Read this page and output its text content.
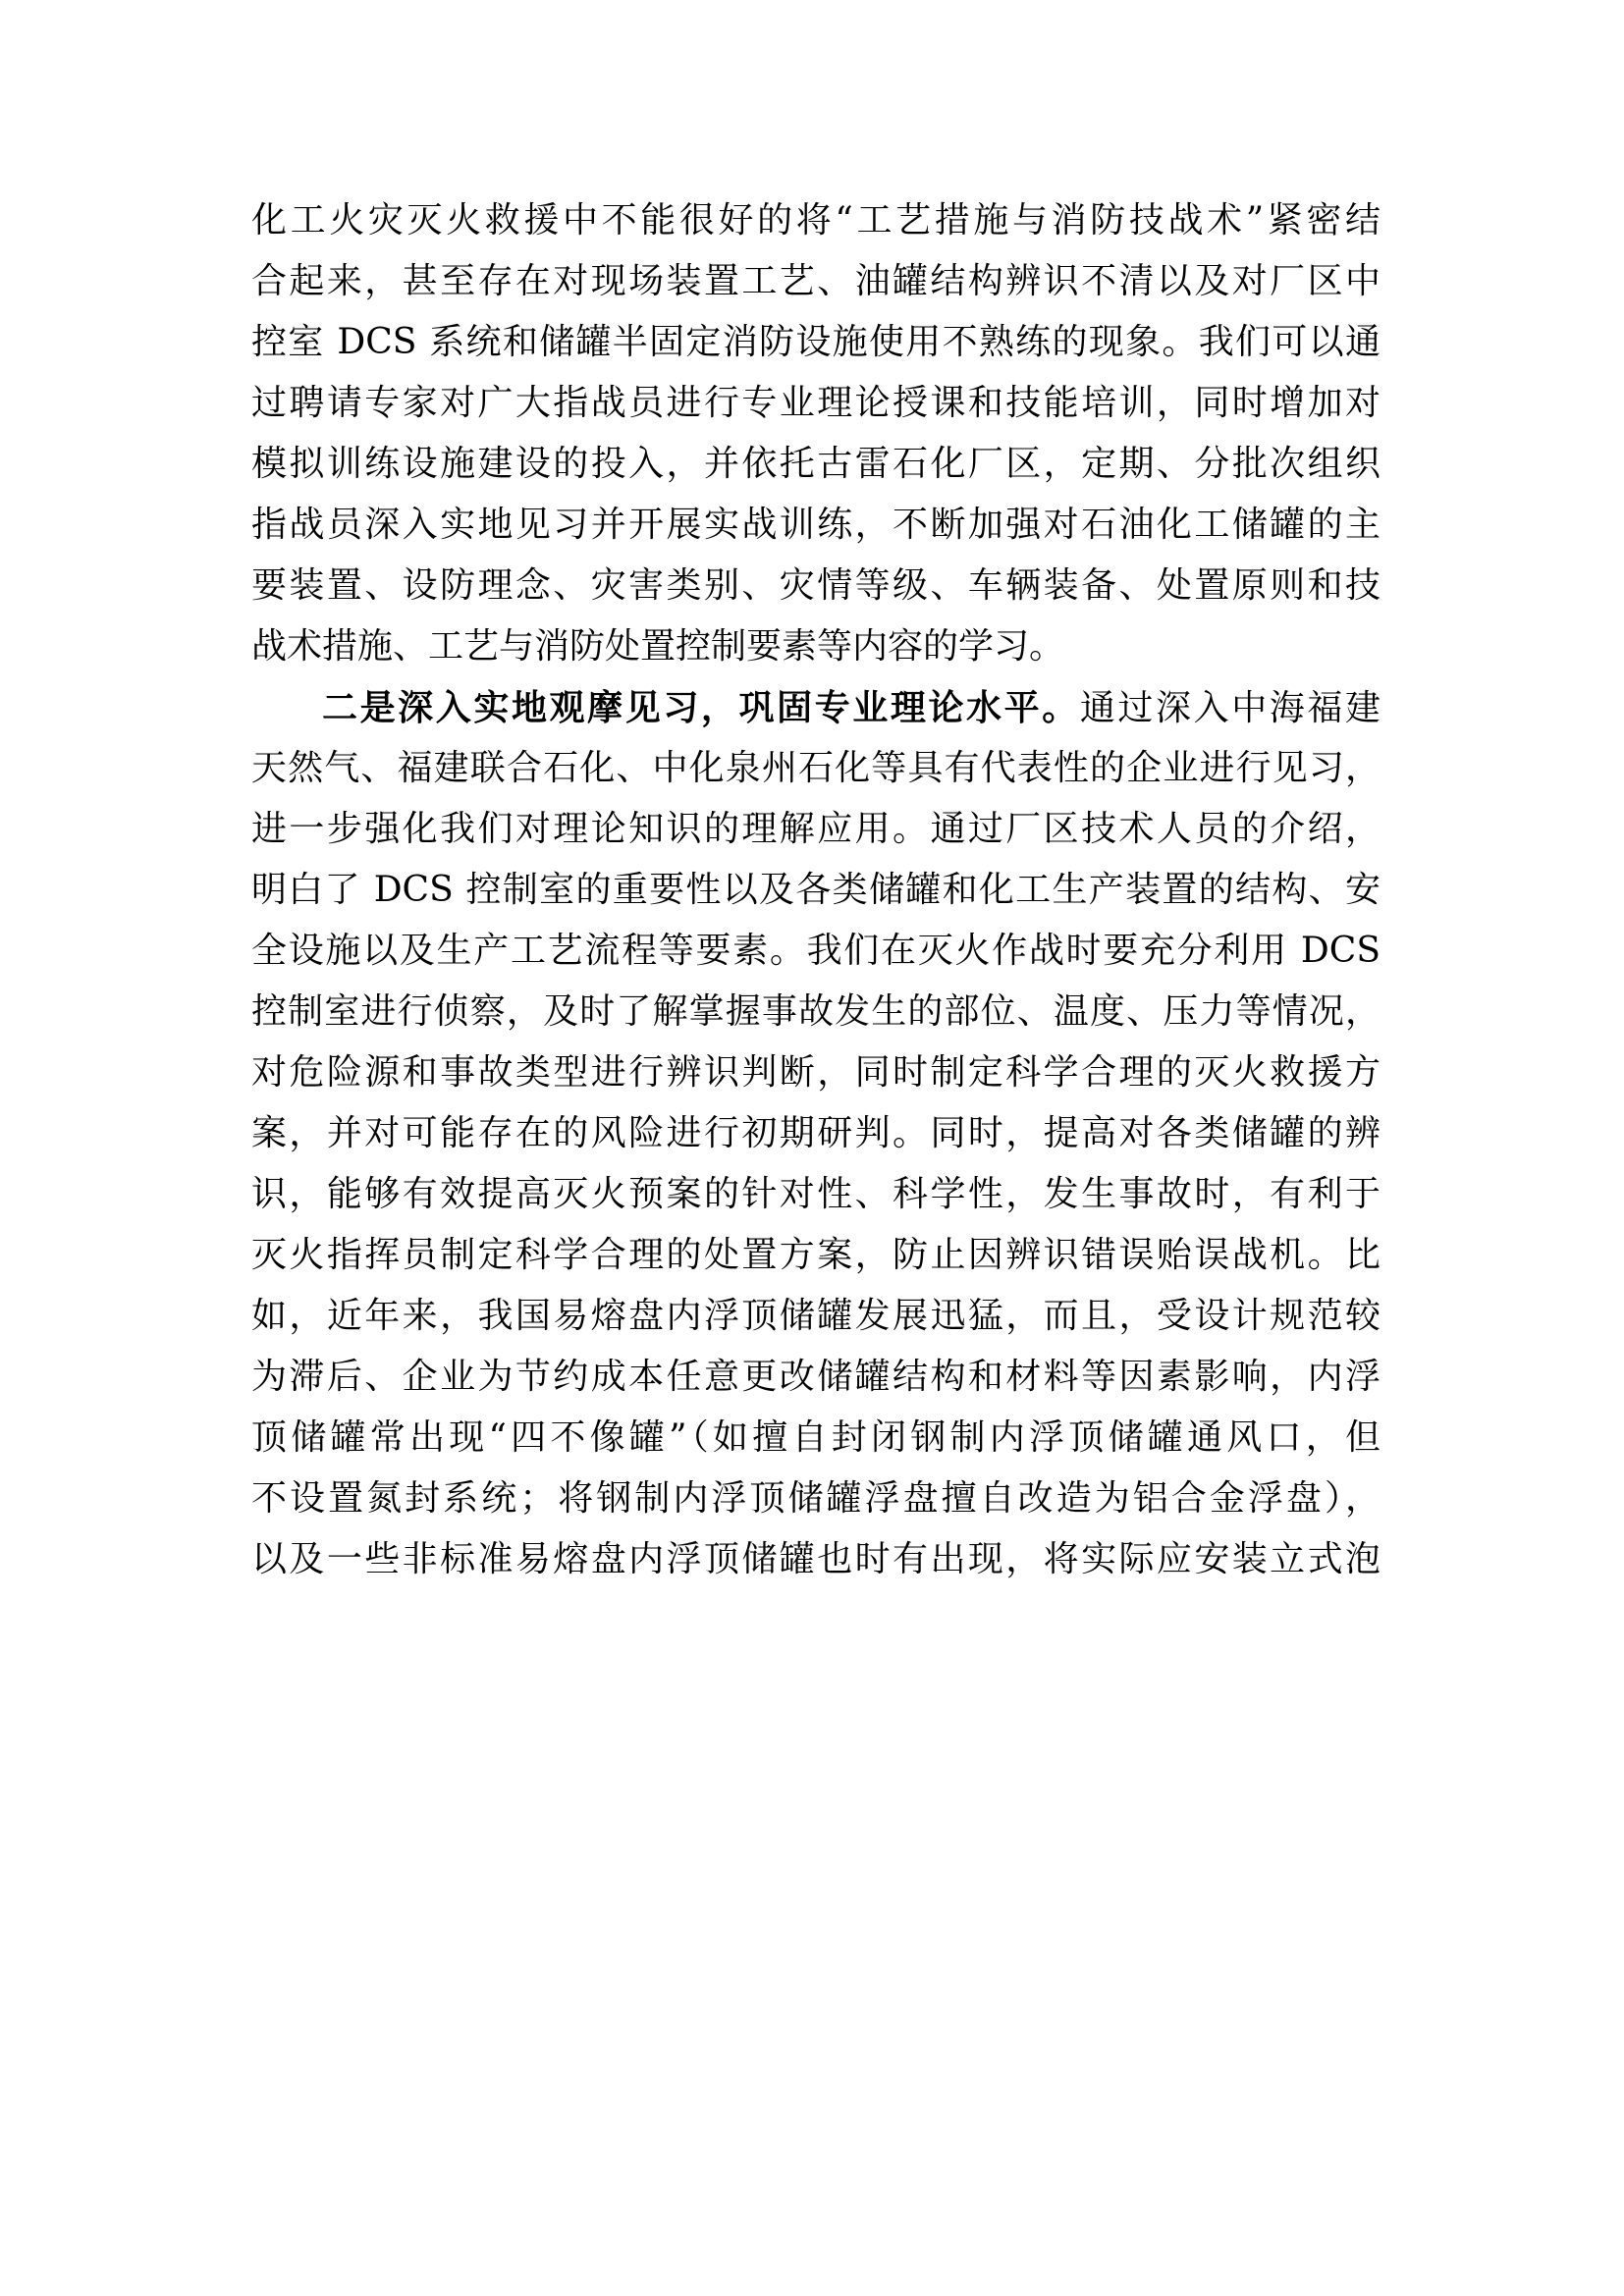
化工火灾灭火救援中不能很好的将“工艺措施与消防技战术”紧密结
合起来，甚至存在对现场装置工艺、油罐结构辨识不清以及对厂区中
控室 DCS 系统和储罐半固定消防设施使用不熟练的现象。我们可以通
过聘请专家对广大指战员进行专业理论授课和技能培训，同时增加对
模拟训练设施建设的投入，并依托古雷石化厂区，定期、分批次组织
指战员深入实地见习并开展实战训练，不断加强对石油化工储罐的主
要装置、设防理念、灾害类别、灾情等级、车辆装备、处置原则和技
战术措施、工艺与消防处置控制要素等内容的学习。
二是深入实地观摩见习，巩固专业理论水平。通过深入中海福建
天然气、福建联合石化、中化泉州石化等具有代表性的企业进行见习，
进一步强化我们对理论知识的理解应用。通过厂区技术人员的介绍，
明白了 DCS 控制室的重要性以及各类储罐和化工生产装置的结构、安
全设施以及生产工艺流程等要素。我们在灭火作战时要充分利用 DCS
控制室进行侦察，及时了解掌握事故发生的部位、温度、压力等情况，
对危险源和事故类型进行辨识判断，同时制定科学合理的灭火救援方
案，并对可能存在的风险进行初期研判。同时，提高对各类储罐的辨
识，能够有效提高灭火预案的针对性、科学性，发生事故时，有利于
灭火指挥员制定科学合理的处置方案，防止因辨识错误贻误战机。比
如，近年来，我国易熔盘内浮顶储罐发展迅猛，而且，受设计规范较
为滞后、企业为节约成本任意更改储罐结构和材料等因素影响，内浮
顶储罐常出现“四不像罐”（如擅自封闭钢制内浮顶储罐通风口，但
不设置氮封系统；将钢制内浮顶储罐浮盘擅自改造为铝合金浮盘），
以及一些非标准易熔盘内浮顶储罐也时有出现，将实际应安装立式泡
